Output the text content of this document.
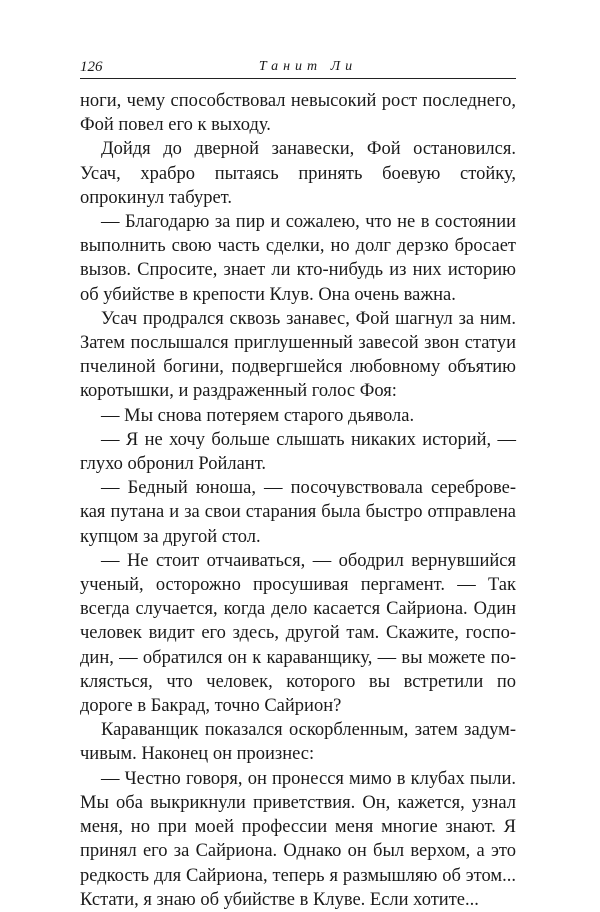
126	Танит Ли

ноги, чему способствовал невысокий рост последнего, Фой повел его к выходу.

Дойдя до дверной занавески, Фой остановился. Усач, храбро пытаясь принять боевую стойку, опрокинул табурет.

— Благодарю за пир и сожалею, что не в состоянии выполнить свою часть сделки, но долг дерзко бросает вызов. Спросите, знает ли кто-нибудь из них историю об убийстве в крепости Клув. Она очень важна.

Усач продрался сквозь занавес, Фой шагнул за ним. Затем послышался приглушенный завесой звон статуи пчелиной богини, подвергшейся любовному объятию коротышки, и раздраженный голос Фоя:

— Мы снова потеряем старого дьявола.

— Я не хочу больше слышать никаких историй, — глухо обронил Ройлант.

— Бедный юноша, — посочувствовала серебровекая путана и за свои старания была быстро отправлена купцом за другой стол.

— Не стоит отчаиваться, — ободрил вернувшийся ученый, осторожно просушивая пергамент. — Так всегда случается, когда дело касается Сайриона. Один человек видит его здесь, другой там. Скажите, господин, — обратился он к караванщику, — вы можете поклясться, что человек, которого вы встретили по дороге в Бакрад, точно Сайрион?

Караванщик показался оскорбленным, затем задумчивым. Наконец он произнес:

— Честно говоря, он пронесся мимо в клубах пыли. Мы оба выкрикнули приветствия. Он, кажется, узнал меня, но при моей профессии меня многие знают. Я принял его за Сайриона. Однако он был верхом, а это редкость для Сайриона, теперь я размышляю об этом... Кстати, я знаю об убийстве в Клуве. Если хотите...
